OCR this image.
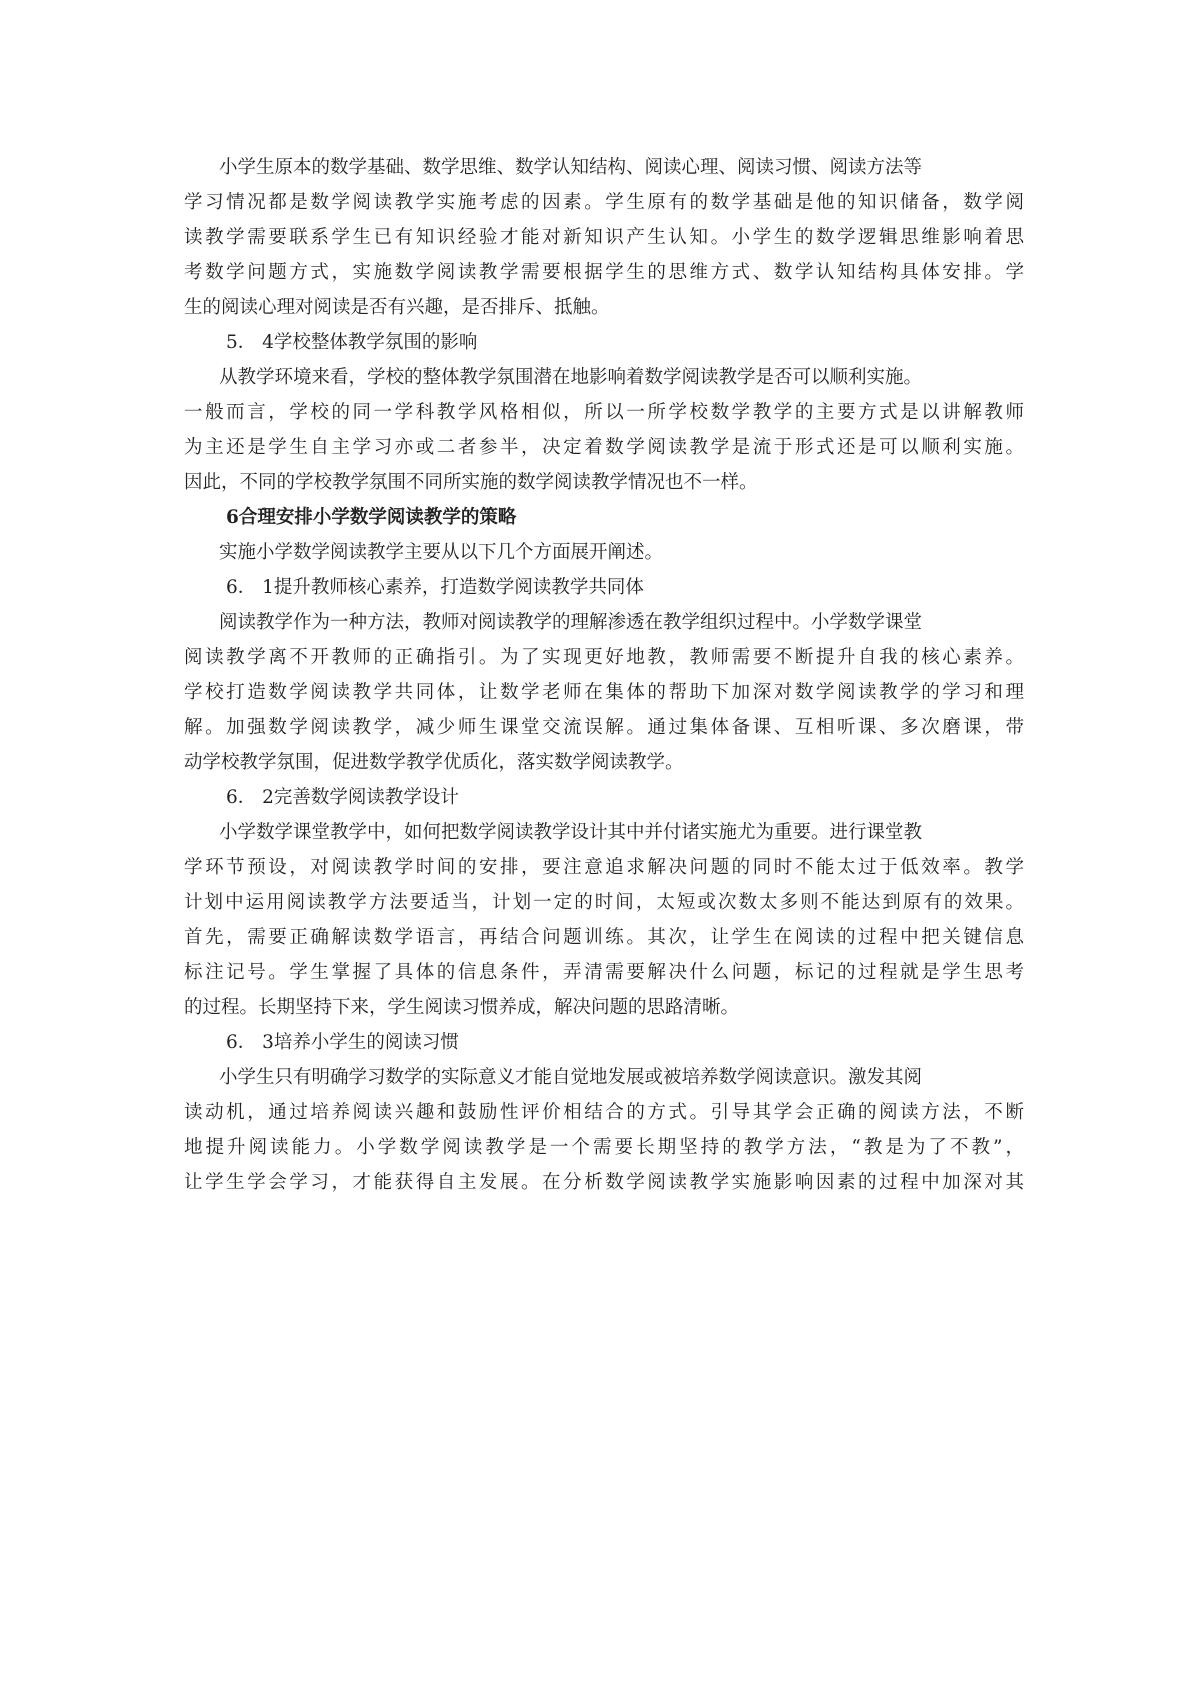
小学生原本的数学基础、数学思维、数学认知结构、阅读心理、阅读习惯、阅读方法等
学习情况都是数学阅读教学实施考虑的因素。学生原有的数学基础是他的知识储备，数学阅
读教学需要联系学生已有知识经验才能对新知识产生认知。小学生的数学逻辑思维影响着思
考数学问题方式，实施数学阅读教学需要根据学生的思维方式、数学认知结构具体安排。学
生的阅读心理对阅读是否有兴趣，是否排斥、抵触。
5． 4学校整体教学氛围的影响
从教学环境来看，学校的整体教学氛围潜在地影响着数学阅读教学是否可以顺利实施。
一般而言，学校的同一学科教学风格相似，所以一所学校数学教学的主要方式是以讲解教师
为主还是学生自主学习亦或二者参半，决定着数学阅读教学是流于形式还是可以顺利实施。
因此，不同的学校教学氛围不同所实施的数学阅读教学情况也不一样。
6合理安排小学数学阅读教学的策略
实施小学数学阅读教学主要从以下几个方面展开阐述。
6． 1提升教师核心素养，打造数学阅读教学共同体
阅读教学作为一种方法，教师对阅读教学的理解渗透在教学组织过程中。小学数学课堂
阅读教学离不开教师的正确指引。为了实现更好地教，教师需要不断提升自我的核心素养。
学校打造数学阅读教学共同体，让数学老师在集体的帮助下加深对数学阅读教学的学习和理
解。加强数学阅读教学，减少师生课堂交流误解。通过集体备课、互相听课、多次磨课，带
动学校教学氛围，促进数学教学优质化，落实数学阅读教学。
6． 2完善数学阅读教学设计
小学数学课堂教学中，如何把数学阅读教学设计其中并付诸实施尤为重要。进行课堂教
学环节预设，对阅读教学时间的安排，要注意追求解决问题的同时不能太过于低效率。教学
计划中运用阅读教学方法要适当，计划一定的时间，太短或次数太多则不能达到原有的效果。
首先，需要正确解读数学语言，再结合问题训练。其次，让学生在阅读的过程中把关键信息
标注记号。学生掌握了具体的信息条件，弄清需要解决什么问题，标记的过程就是学生思考
的过程。长期坚持下来，学生阅读习惯养成，解决问题的思路清晰。
6． 3培养小学生的阅读习惯
小学生只有明确学习数学的实际意义才能自觉地发展或被培养数学阅读意识。激发其阅
读动机，通过培养阅读兴趣和鼓励性评价相结合的方式。引导其学会正确的阅读方法，不断
地提升阅读能力。小学数学阅读教学是一个需要长期坚持的教学方法，“教是为了不教”，
让学生学会学习，才能获得自主发展。在分析数学阅读教学实施影响因素的过程中加深对其
